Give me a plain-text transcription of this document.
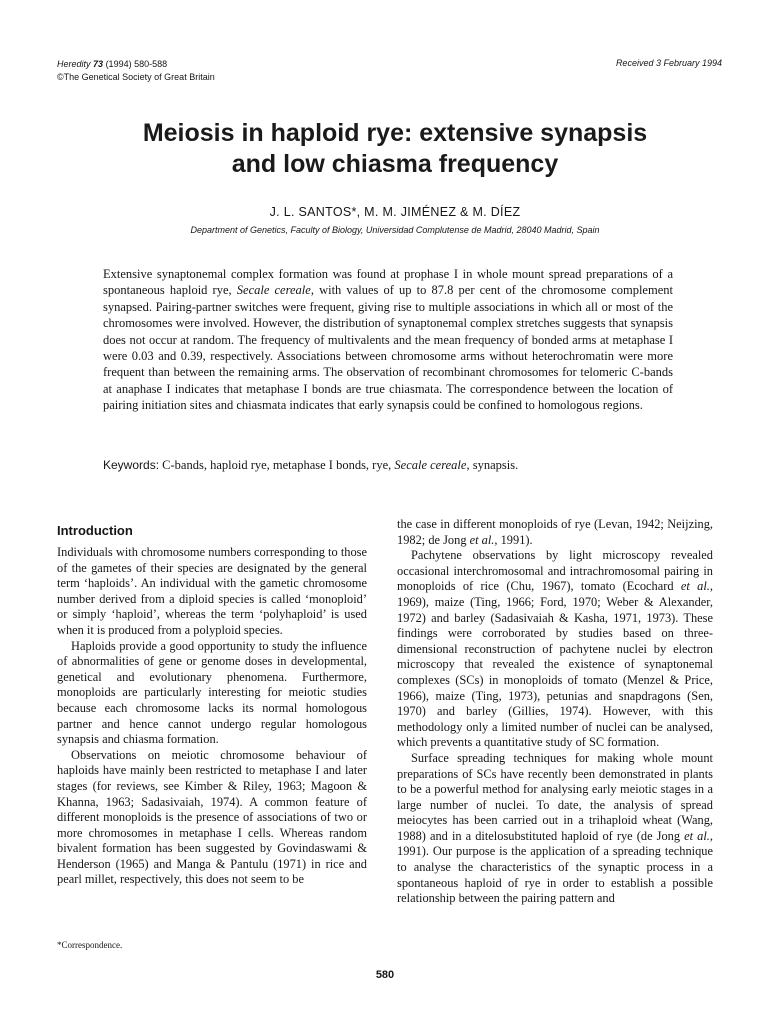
Heredity 73 (1994) 580-588
©The Genetical Society of Great Britain
Received 3 February 1994
Meiosis in haploid rye: extensive synapsis
and low chiasma frequency
J. L. SANTOS*, M. M. JIMÉNEZ & M. DÍEZ
Department of Genetics, Faculty of Biology, Universidad Complutense de Madrid, 28040 Madrid, Spain
Extensive synaptonemal complex formation was found at prophase I in whole mount spread preparations of a spontaneous haploid rye, Secale cereale, with values of up to 87.8 per cent of the chromosome complement synapsed. Pairing-partner switches were frequent, giving rise to multiple associations in which all or most of the chromosomes were involved. However, the distribution of synaptonemal complex stretches suggests that synapsis does not occur at random. The frequency of multivalents and the mean frequency of bonded arms at metaphase I were 0.03 and 0.39, respectively. Associations between chromosome arms without heterochromatin were more frequent than between the remaining arms. The observation of recombinant chromosomes for telomeric C-bands at anaphase I indicates that metaphase I bonds are true chiasmata. The correspondence between the location of pairing initiation sites and chiasmata indicates that early synapsis could be confined to homologous regions.
Keywords: C-bands, haploid rye, metaphase I bonds, rye, Secale cereale, synapsis.
Introduction

Individuals with chromosome numbers corresponding to those of the gametes of their species are designated by the general term ‘haploids’. An individual with the gametic chromosome number derived from a diploid species is called ‘monoploid’ or simply ‘haploid’, whereas the term ‘polyhaploid’ is used when it is produced from a polyploid species.

Haploids provide a good opportunity to study the influence of abnormalities of gene or genome doses in developmental, genetical and evolutionary phenomena. Furthermore, monoploids are particularly interesting for meiotic studies because each chromosome lacks its normal homologous partner and hence cannot undergo regular homologous synapsis and chiasma formation.

Observations on meiotic chromosome behaviour of haploids have mainly been restricted to metaphase I and later stages (for reviews, see Kimber & Riley, 1963; Magoon & Khanna, 1963; Sadasivaiah, 1974). A common feature of different monoploids is the presence of associations of two or more chromosomes in metaphase I cells. Whereas random bivalent formation has been suggested by Govindaswami & Henderson (1965) and Manga & Pantulu (1971) in rice and pearl millet, respectively, this does not seem to be

the case in different monoploids of rye (Levan, 1942; Neijzing, 1982; de Jong et al., 1991).

Pachytene observations by light microscopy revealed occasional interchromosomal and intrachromosomal pairing in monoploids of rice (Chu, 1967), tomato (Ecochard et al., 1969), maize (Ting, 1966; Ford, 1970; Weber & Alexander, 1972) and barley (Sadasivaiah & Kasha, 1971, 1973). These findings were corroborated by studies based on three-dimensional reconstruction of pachytene nuclei by electron microscopy that revealed the existence of synaptonemal complexes (SCs) in monoploids of tomato (Menzel & Price, 1966), maize (Ting, 1973), petunias and snapdragons (Sen, 1970) and barley (Gillies, 1974). However, with this methodology only a limited number of nuclei can be analysed, which prevents a quantitative study of SC formation.

Surface spreading techniques for making whole mount preparations of SCs have recently been demonstrated in plants to be a powerful method for analysing early meiotic stages in a large number of nuclei. To date, the analysis of spread meiocytes has been carried out in a trihaploid wheat (Wang, 1988) and in a ditelosubstituted haploid of rye (de Jong et al., 1991). Our purpose is the application of a spreading technique to analyse the characteristics of the synaptic process in a spontaneous haploid of rye in order to establish a possible relationship between the pairing pattern and

*Correspondence.
580
